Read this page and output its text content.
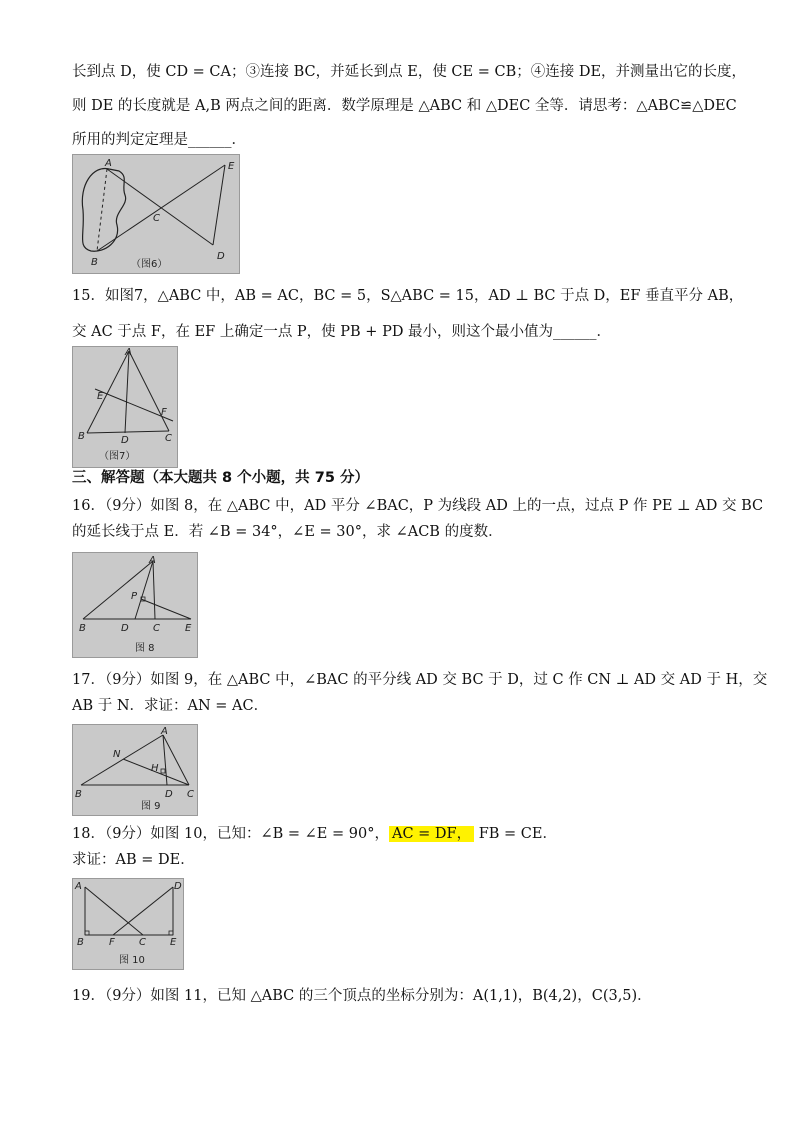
长到点 D，使 CD = CA；③连接 BC，并延长到点 E，使 CE = CB；④连接 DE，并测量出它的长度，
则 DE 的长度就是 A,B 两点之间的距离．数学原理是 △ABC 和 △DEC 全等．请思考：△ABC≌△DEC
所用的判定定理是______．
A
B
C
D
E
（图6）
15．如图7，△ABC 中，AB = AC，BC = 5，S△ABC = 15，AD ⊥ BC 于点 D，EF 垂直平分 AB，
交 AC 于点 F，在 EF 上确定一点 P，使 PB + PD 最小，则这个最小值为______．
A
B	C
D
E
F
（图7）
三、解答题（本大题共 8 个小题，共 75 分）
16．（9分）如图 8，在 △ABC 中，AD 平分 ∠BAC，P 为线段 AD 上的一点，过点 P 作 PE ⊥ AD 交 BC
的延长线于点 E．若 ∠B = 34°，∠E = 30°，求 ∠ACB 的度数．
A
B	C
D	E
P
图 8
17．（9分）如图 9，在 △ABC 中，∠BAC 的平分线 AD 交 BC 于 D，过 C 作 CN ⊥ AD 交 AD 于 H，交
AB 于 N．求证：AN = AC．
A
B	C
D
H
N
图 9
18．（9分）如图 10，已知：∠B = ∠E = 90°， AC = DF， FB = CE．
求证：AB = DE．
A
B	C
D
E
F
图 10
19．（9分）如图 11，已知 △ABC 的三个顶点的坐标分别为：A(1,1)，B(4,2)，C(3,5)．
